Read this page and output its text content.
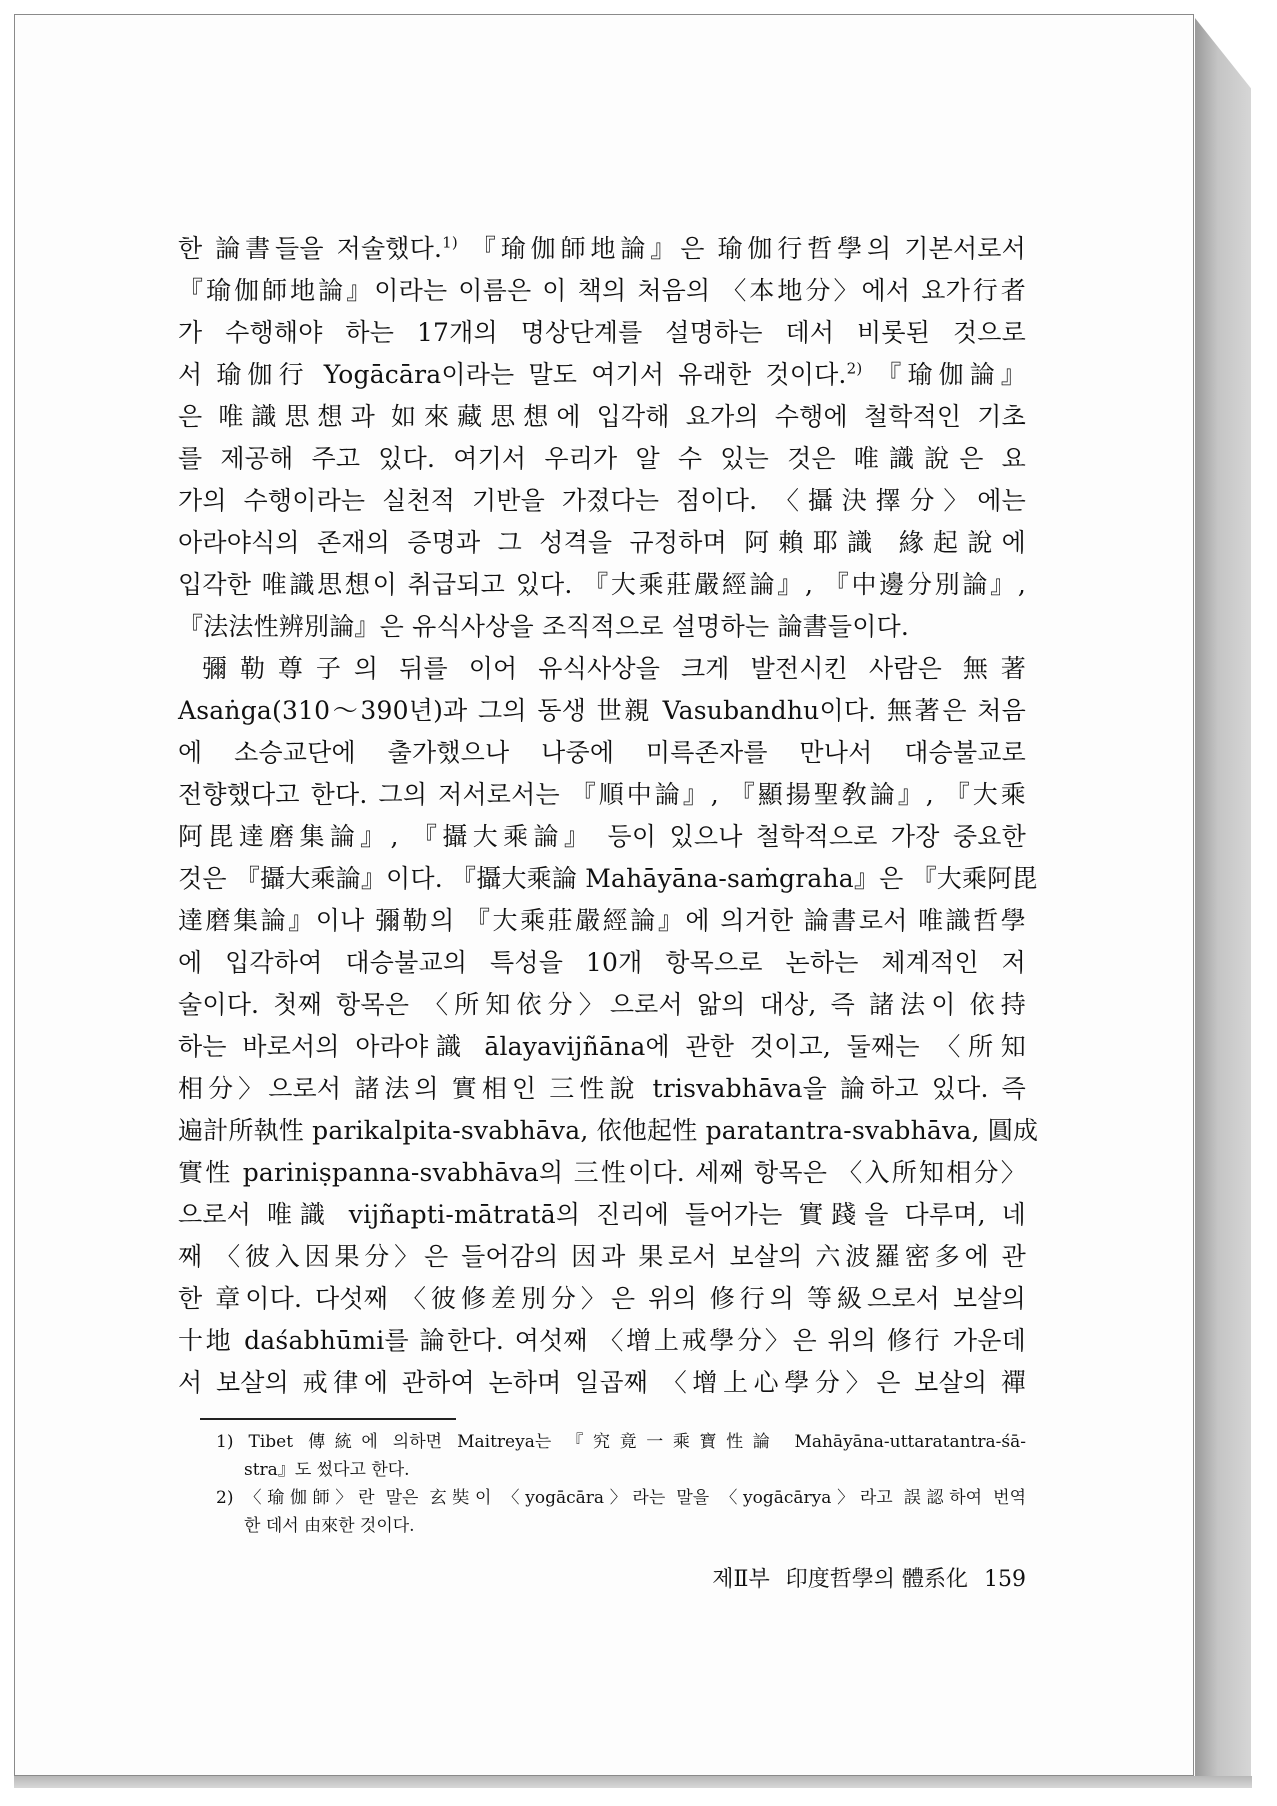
한 論書들을 저술했다.$^{1)}$ 『瑜伽師地論』은 瑜伽行哲學의 기본서로서
『瑜伽師地論』이라는 이름은 이 책의 처음의 〈本地分〉에서 요가行者
가 수행해야 하는 17개의 명상단계를 설명하는 데서 비롯된 것으로
서 瑜伽行 Yogācāra이라는 말도 여기서 유래한 것이다.$^{2)}$ 『瑜伽論』
은 唯識思想과 如來藏思想에 입각해 요가의 수행에 철학적인 기초
를 제공해 주고 있다. 여기서 우리가 알 수 있는 것은 唯識說은 요
가의 수행이라는 실천적 기반을 가졌다는 점이다. 〈攝決擇分〉에는
아라야식의 존재의 증명과 그 성격을 규정하며 阿賴耶識 緣起說에
입각한 唯識思想이 취급되고 있다. 『大乘莊嚴經論』, 『中邊分別論』,
『法法性辨別論』은 유식사상을 조직적으로 설명하는 論書들이다.
彌勒尊子의 뒤를 이어 유식사상을 크게 발전시킨 사람은 無著
Asaṅga(310～390년)과 그의 동생 世親 Vasubandhu이다. 無著은 처음
에 소승교단에 출가했으나 나중에 미륵존자를 만나서 대승불교로
전향했다고 한다. 그의 저서로서는 『順中論』, 『顯揚聖敎論』, 『大乘
阿毘達磨集論』, 『攝大乘論』 등이 있으나 철학적으로 가장 중요한
것은 『攝大乘論』이다. 『攝大乘論 Mahāyāna-saṁgraha』은 『大乘阿毘
達磨集論』이나 彌勒의 『大乘莊嚴經論』에 의거한 論書로서 唯識哲學
에 입각하여 대승불교의 특성을 10개 항목으로 논하는 체계적인 저
술이다. 첫째 항목은 〈所知依分〉으로서 앎의 대상, 즉 諸法이 依持
하는 바로서의 아라야識 ālayavijñāna에 관한 것이고, 둘째는 〈所知
相分〉으로서 諸法의 實相인 三性說 trisvabhāva을 論하고 있다. 즉
遍計所執性 parikalpita-svabhāva, 依他起性 paratantra-svabhāva, 圓成
實性 pariniṣpanna-svabhāva의 三性이다. 세째 항목은 〈入所知相分〉
으로서 唯識 vijñapti-mātratā의 진리에 들어가는 實踐을 다루며, 네
째 〈彼入因果分〉은 들어감의 因과 果로서 보살의 六波羅密多에 관
한 章이다. 다섯째 〈彼修差別分〉은 위의 修行의 等級으로서 보살의
十地 daśabhūmi를 論한다. 여섯째 〈增上戒學分〉은 위의 修行 가운데
서 보살의 戒律에 관하여 논하며 일곱째 〈增上心學分〉은 보살의 禪
1) Tibet 傳統에 의하면 Maitreya는 『究竟一乘寶性論 Mahāyāna-uttaratantra-śā-
stra』도 썼다고 한다.
2) 〈瑜伽師〉란 말은 玄奘이 〈yogācāra〉라는 말을 〈yogācārya〉라고 誤認하여 번역
한 데서 由來한 것이다.
제Ⅱ부 印度哲學의 體系化 159
